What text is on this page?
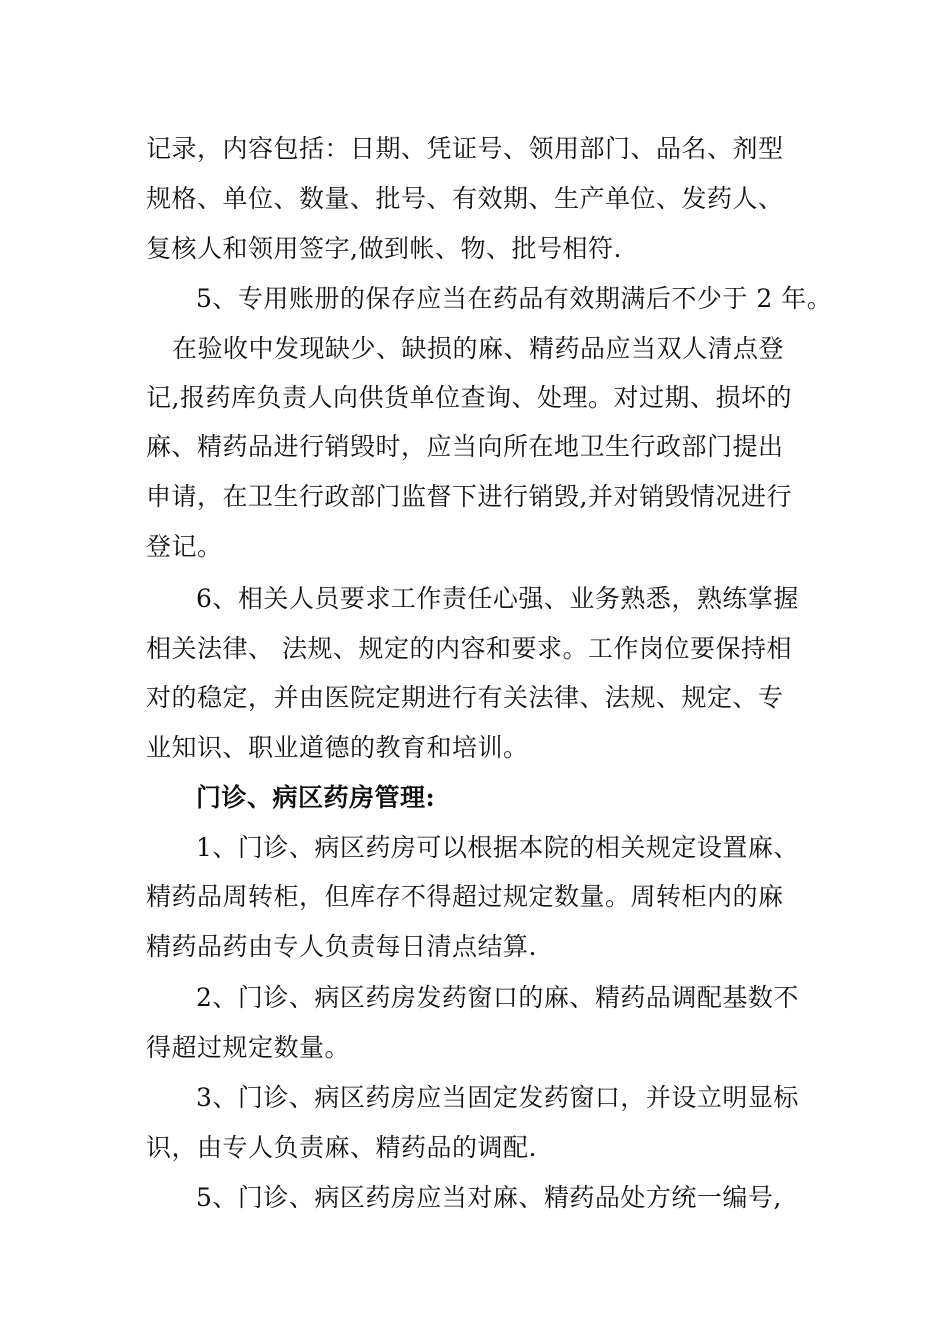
记录，内容包括：日期、凭证号、领用部门、品名、剂型
规格、单位、数量、批号、有效期、生产单位、发药人、
复核人和领用签字,做到帐、物、批号相符.
5、专用账册的保存应当在药品有效期满后不少于 2 年。
在验收中发现缺少、缺损的麻、精药品应当双人清点登
记,报药库负责人向供货单位查询、处理。对过期、损坏的
麻、精药品进行销毁时，应当向所在地卫生行政部门提出
申请，在卫生行政部门监督下进行销毁,并对销毁情况进行
登记。
6、相关人员要求工作责任心强、业务熟悉，熟练掌握
相关法律、 法规、规定的内容和要求。工作岗位要保持相
对的稳定，并由医院定期进行有关法律、法规、规定、专
业知识、职业道德的教育和培训。
门诊、病区药房管理:
1、门诊、病区药房可以根据本院的相关规定设置麻、
精药品周转柜，但库存不得超过规定数量。周转柜内的麻
精药品药由专人负责每日清点结算.
2、门诊、病区药房发药窗口的麻、精药品调配基数不
得超过规定数量。
3、门诊、病区药房应当固定发药窗口，并设立明显标
识，由专人负责麻、精药品的调配.
5、门诊、病区药房应当对麻、精药品处方统一编号,
